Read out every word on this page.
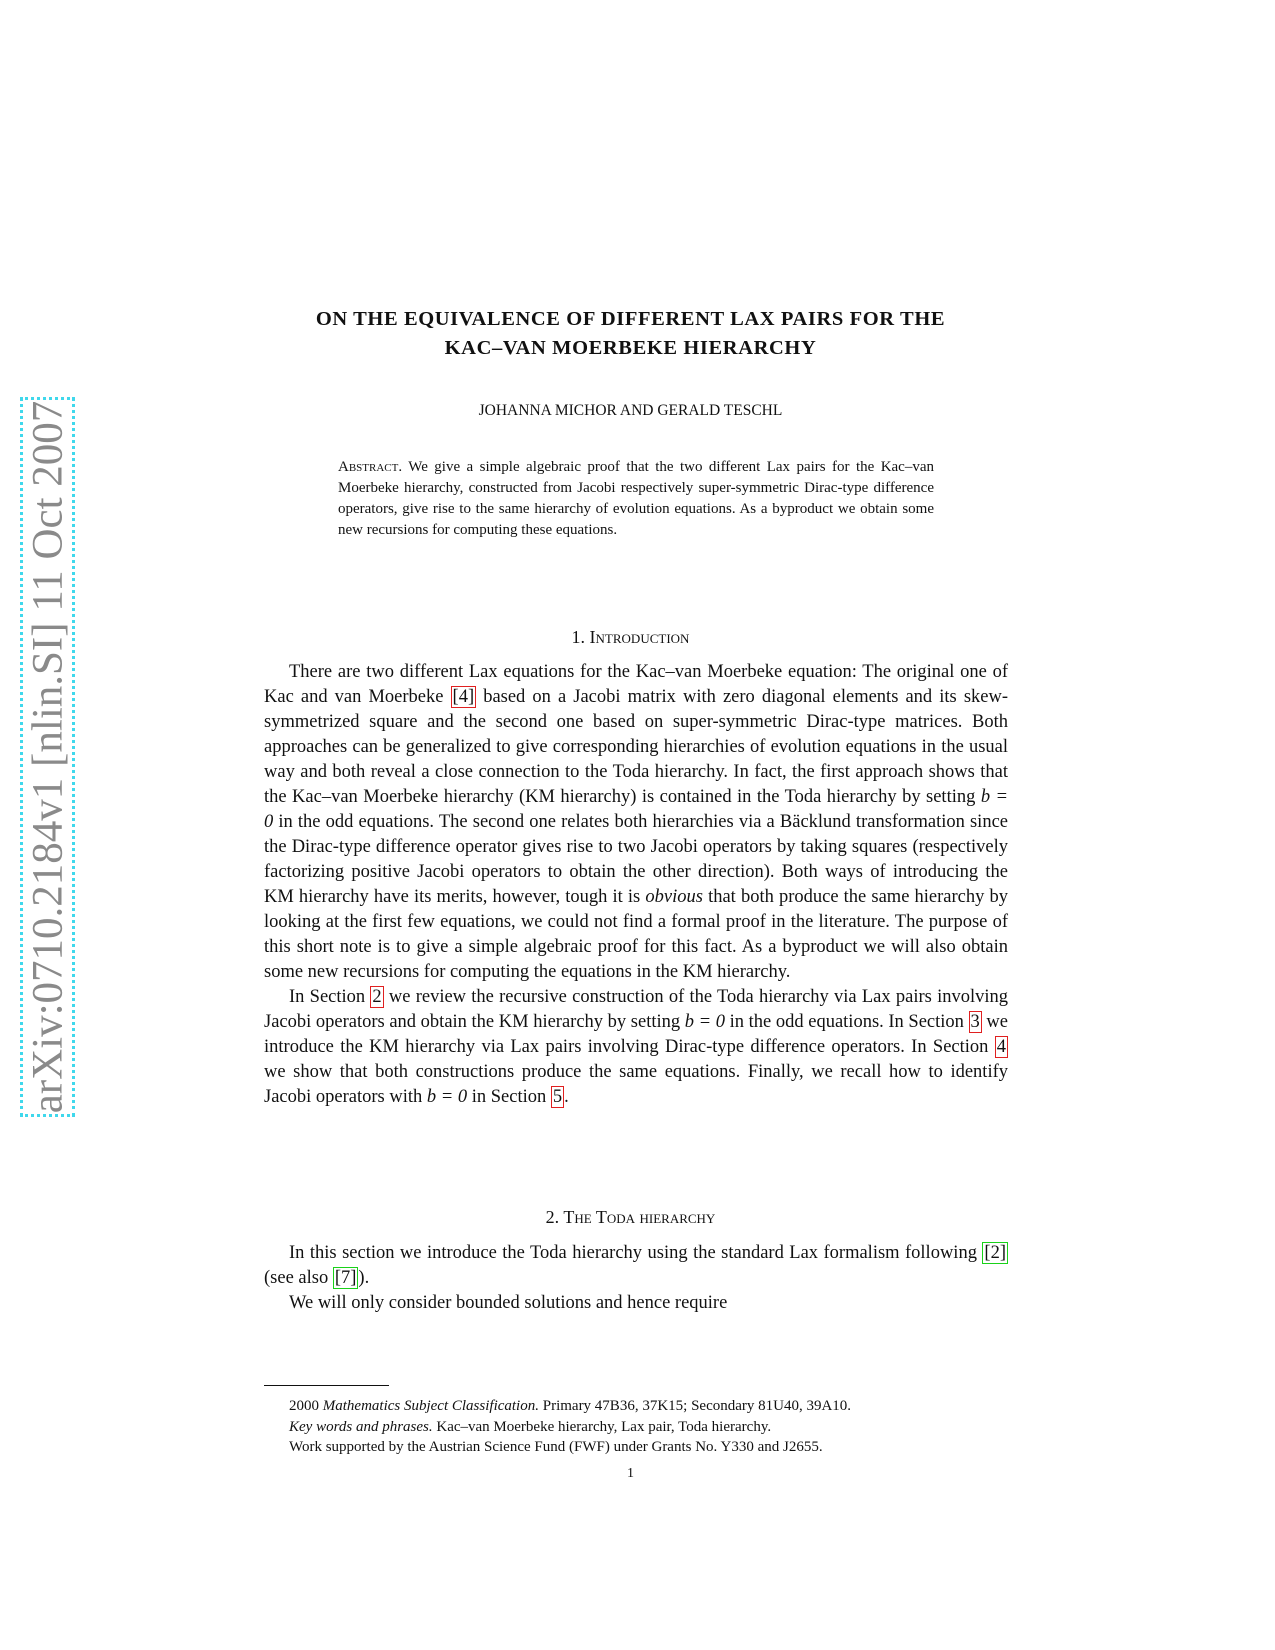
arXiv:0710.2184v1 [nlin.SI] 11 Oct 2007
ON THE EQUIVALENCE OF DIFFERENT LAX PAIRS FOR THE
KAC–VAN MOERBEKE HIERARCHY
JOHANNA MICHOR AND GERALD TESCHL
Abstract. We give a simple algebraic proof that the two different Lax pairs for the Kac–van Moerbeke hierarchy, constructed from Jacobi respectively super-symmetric Dirac-type difference operators, give rise to the same hierarchy of evolution equations. As a byproduct we obtain some new recursions for computing these equations.
1. Introduction

There are two different Lax equations for the Kac–van Moerbeke equation: The original one of Kac and van Moerbeke [4] based on a Jacobi matrix with zero diagonal elements and its skew-symmetrized square and the second one based on super-symmetric Dirac-type matrices. Both approaches can be generalized to give corresponding hierarchies of evolution equations in the usual way and both reveal a close connection to the Toda hierarchy. In fact, the first approach shows that the Kac–van Moerbeke hierarchy (KM hierarchy) is contained in the Toda hierarchy by setting b = 0 in the odd equations. The second one relates both hierarchies via a Bäcklund transformation since the Dirac-type difference operator gives rise to two Jacobi operators by taking squares (respectively factorizing positive Jacobi operators to obtain the other direction). Both ways of introducing the KM hierarchy have its merits, however, tough it is obvious that both produce the same hierarchy by looking at the first few equations, we could not find a formal proof in the literature. The purpose of this short note is to give a simple algebraic proof for this fact. As a byproduct we will also obtain some new recursions for computing the equations in the KM hierarchy.

In Section 2 we review the recursive construction of the Toda hierarchy via Lax pairs involving Jacobi operators and obtain the KM hierarchy by setting b = 0 in the odd equations. In Section 3 we introduce the KM hierarchy via Lax pairs involving Dirac-type difference operators. In Section 4 we show that both constructions produce the same equations. Finally, we recall how to identify Jacobi operators with b = 0 in Section 5 .

2. The Toda hierarchy

In this section we introduce the Toda hierarchy using the standard Lax formalism following [2] (see also [7] ).

We will only consider bounded solutions and hence require

2000 Mathematics Subject Classification. Primary 47B36, 37K15; Secondary 81U40, 39A10.
Key words and phrases. Kac–van Moerbeke hierarchy, Lax pair, Toda hierarchy.
Work supported by the Austrian Science Fund (FWF) under Grants No. Y330 and J2655.
1
